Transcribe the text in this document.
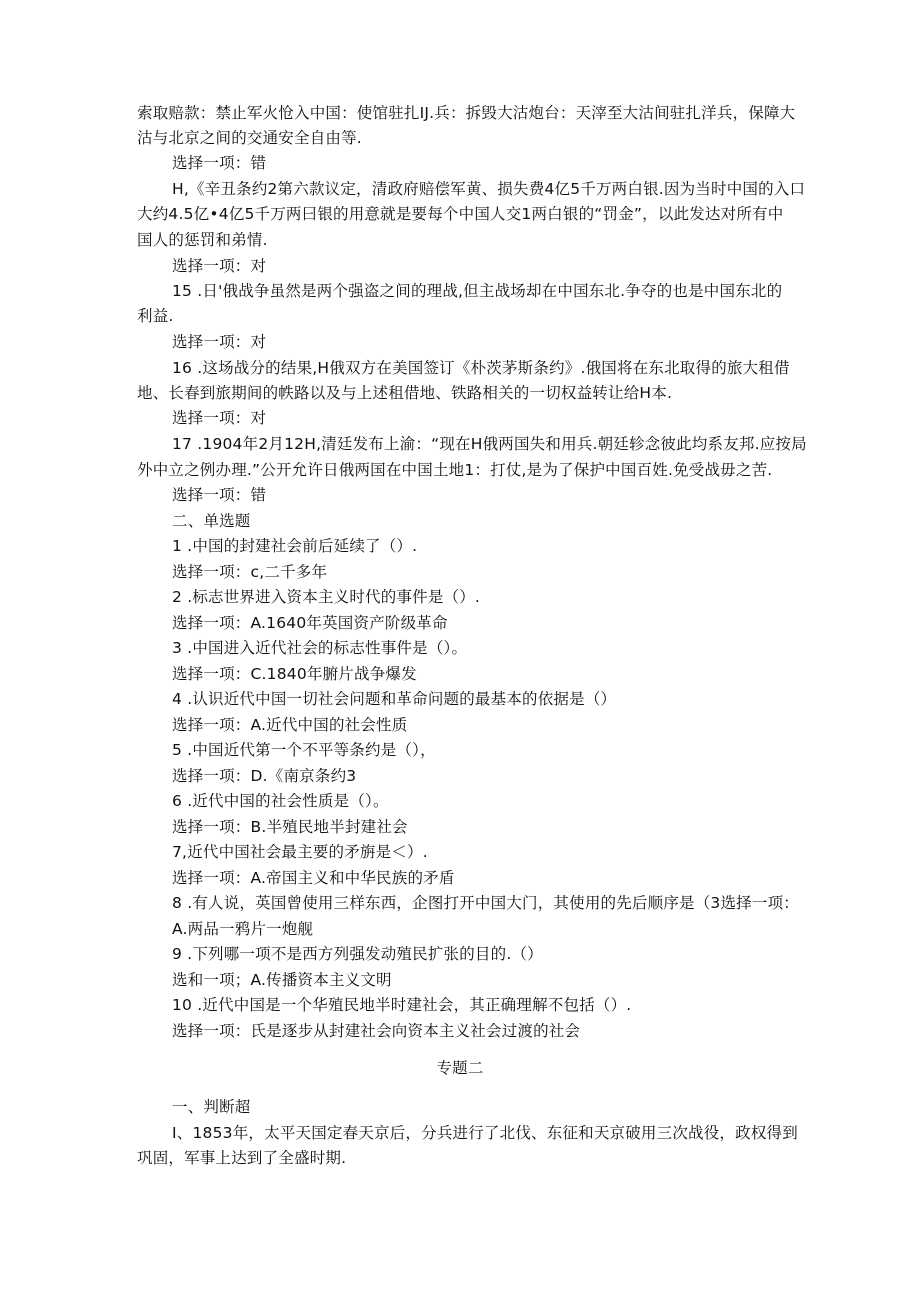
索取赔款：禁止军火怆入中国：使馆驻扎IJ.兵：拆毁大沽炮台：天滓至大沽间驻扎洋兵，保障大
沽与北京之间的交通安全自由等.
选择一项：错
H,《辛丑条约2第六款议定，清政府赔偿军黄、损失费4亿5千万两白银.因为当时中国的入口
大约4.5亿•4亿5千万两曰银的用意就是要每个中国人交1两白银的“罚金”，以此发达对所有中
国人的惩罚和弟情.
选择一项：对
15 .日'俄战争虽然是两个强盗之间的理战,但主战场却在中国东北.争夺的也是中国东北的
利益.
选择一项：对
16 .这场战分的结果,H俄双方在美国签订《朴茨茅斯条约》.俄国将在东北取得的旅大租借
地、长春到旅期间的帙路以及与上述租借地、铁路相关的一切权益转让给H本.
选择一项：对
17 .1904年2月12H,清廷发布上渝：“现在H俄两国失和用兵.朝廷轸念彼此均系友邦.应按局
外中立之例办理.”公开允许日俄两国在中国土地1：打仗,是为了保护中国百姓.免受战毋之苦.
选择一项：错
二、单选题
1 .中国的封建社会前后延续了（）.
选择一项：c,二千多年
2 .标志世界进入资本主义时代的事件是（）.
选择一项：A.1640年英国资产阶级革命
3 .中国进入近代社会的标志性事件是（）。
选择一项：C.1840年腑片战争爆发
4 .认识近代中国一切社会问题和革命问题的最基本的依据是（）
选择一项：A.近代中国的社会性质
5 .中国近代第一个不平等条约是（），
选择一项：D.《南京条约3
6 .近代中国的社会性质是（）。
选择一项：B.半殖民地半封建社会
7,近代中国社会最主要的矛旃是＜）.
选择一项：A.帝国主义和中华民族的矛盾
8 .有人说，英国曾使用三样东西，企图打开中国大门，其使用的先后顺序是（3选择一项：
A.两品一鸦片一炮舰
9 .下列哪一项不是西方列强发动殖民扩张的目的.（）
选和一项；A.传播资本主义文明
10 .近代中国是一个华殖民地半时建社会，其正确理解不包括（）.
选择一项：氏是逐步从封建社会向资本主义社会过渡的社会
专题二
一、判断超
I、1853年，太平天国定春天京后，分兵进行了北伐、东征和天京破用三次战役，政权得到
巩固，军事上达到了全盛时期.
